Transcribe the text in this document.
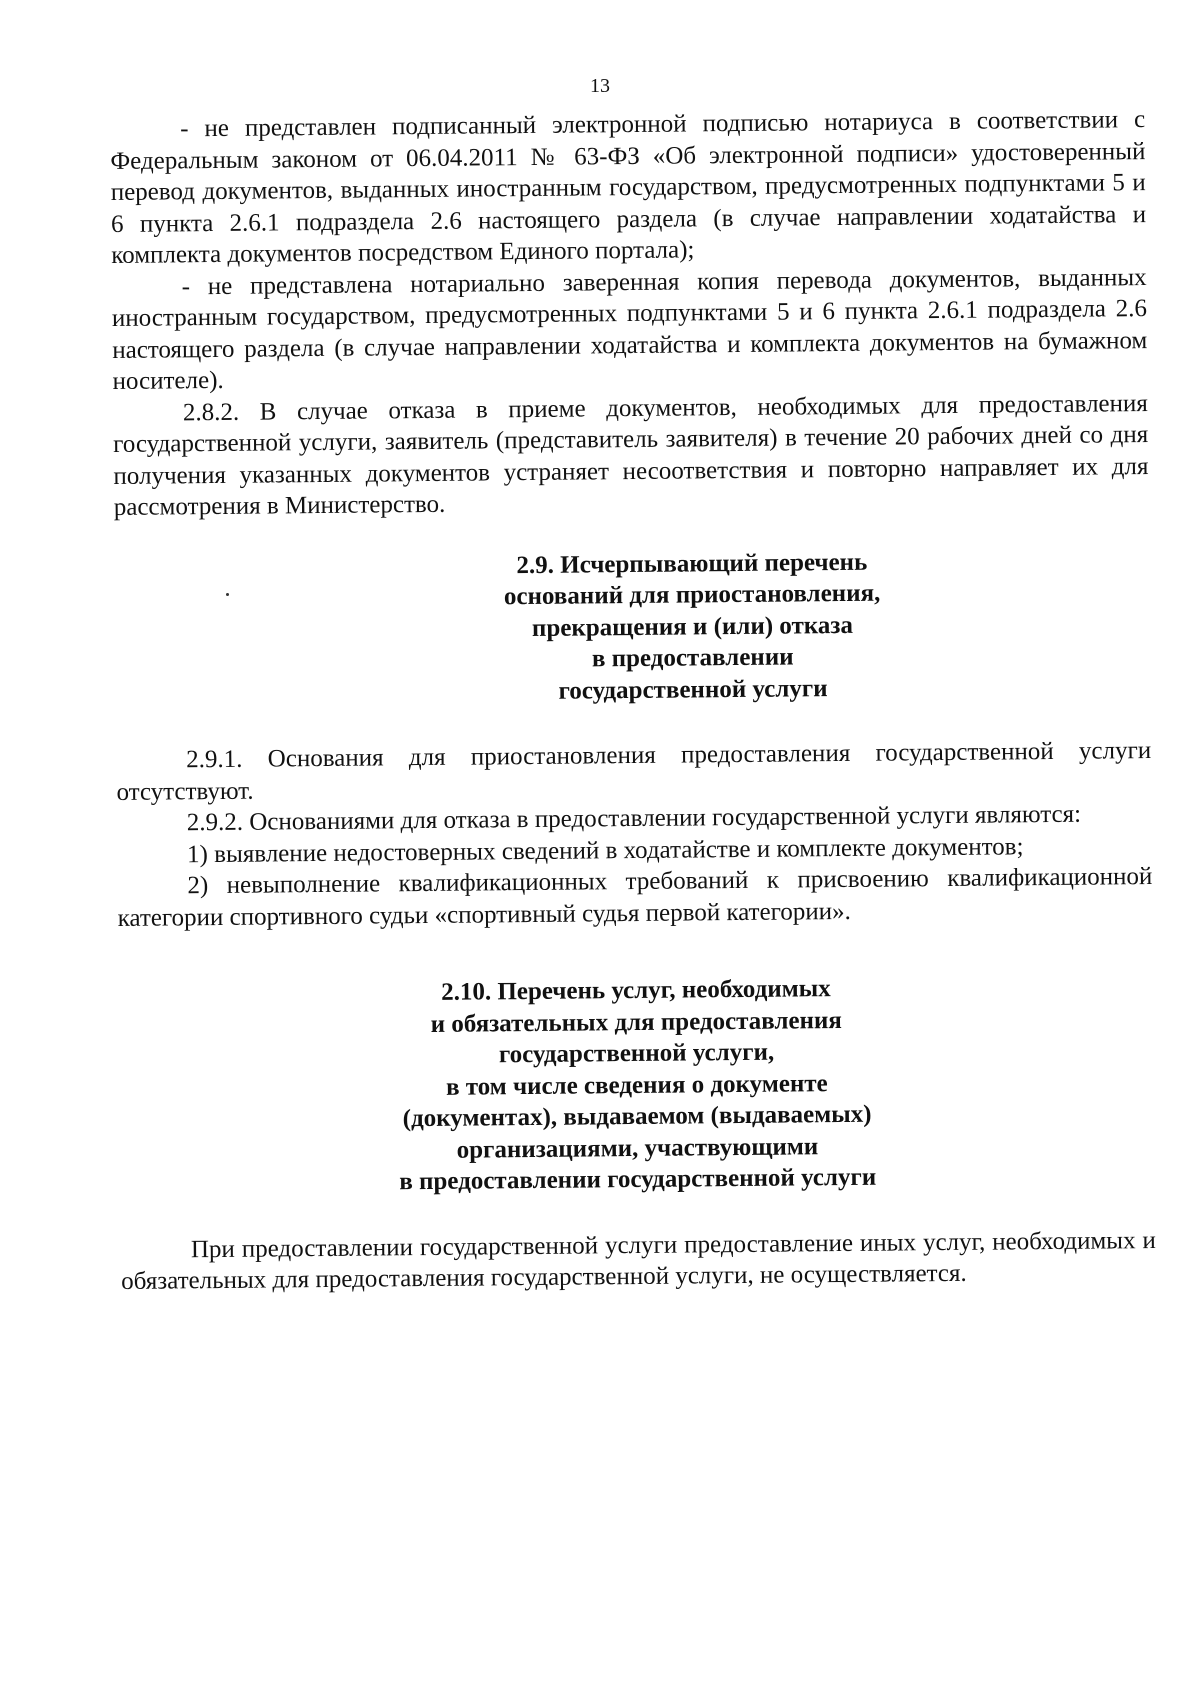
13

- не представлен подписанный электронной подписью нотариуса в соответствии с Федеральным законом от 06.04.2011 № 63-ФЗ «Об электронной подписи» удостоверенный перевод документов, выданных иностранным государством, предусмотренных подпунктами 5 и 6 пункта 2.6.1 подраздела 2.6 настоящего раздела (в случае направлении ходатайства и комплекта документов посредством Единого портала);

- не представлена нотариально заверенная копия перевода документов, выданных иностранным государством, предусмотренных подпунктами 5 и 6 пункта 2.6.1 подраздела 2.6 настоящего раздела (в случае направлении ходатайства и комплекта документов на бумажном носителе).

2.8.2. В случае отказа в приеме документов, необходимых для предоставления государственной услуги, заявитель (представитель заявителя) в течение 20 рабочих дней со дня получения указанных документов устраняет несоответствия и повторно направляет их для рассмотрения в Министерство.

2.9. Исчерпывающий перечень
оснований для приостановления,
прекращения и (или) отказа
в предоставлении
государственной услуги

2.9.1. Основания для приостановления предоставления государственной услуги отсутствуют.

2.9.2. Основаниями для отказа в предоставлении государственной услуги являются:

1) выявление недостоверных сведений в ходатайстве и комплекте документов;

2) невыполнение квалификационных требований к присвоению квалификационной категории спортивного судьи «спортивный судья первой категории».

2.10. Перечень услуг, необходимых
и обязательных для предоставления
государственной услуги,
в том числе сведения о документе
(документах), выдаваемом (выдаваемых)
организациями, участвующими
в предоставлении государственной услуги

При предоставлении государственной услуги предоставление иных услуг, необходимых и обязательных для предоставления государственной услуги, не осуществляется.
